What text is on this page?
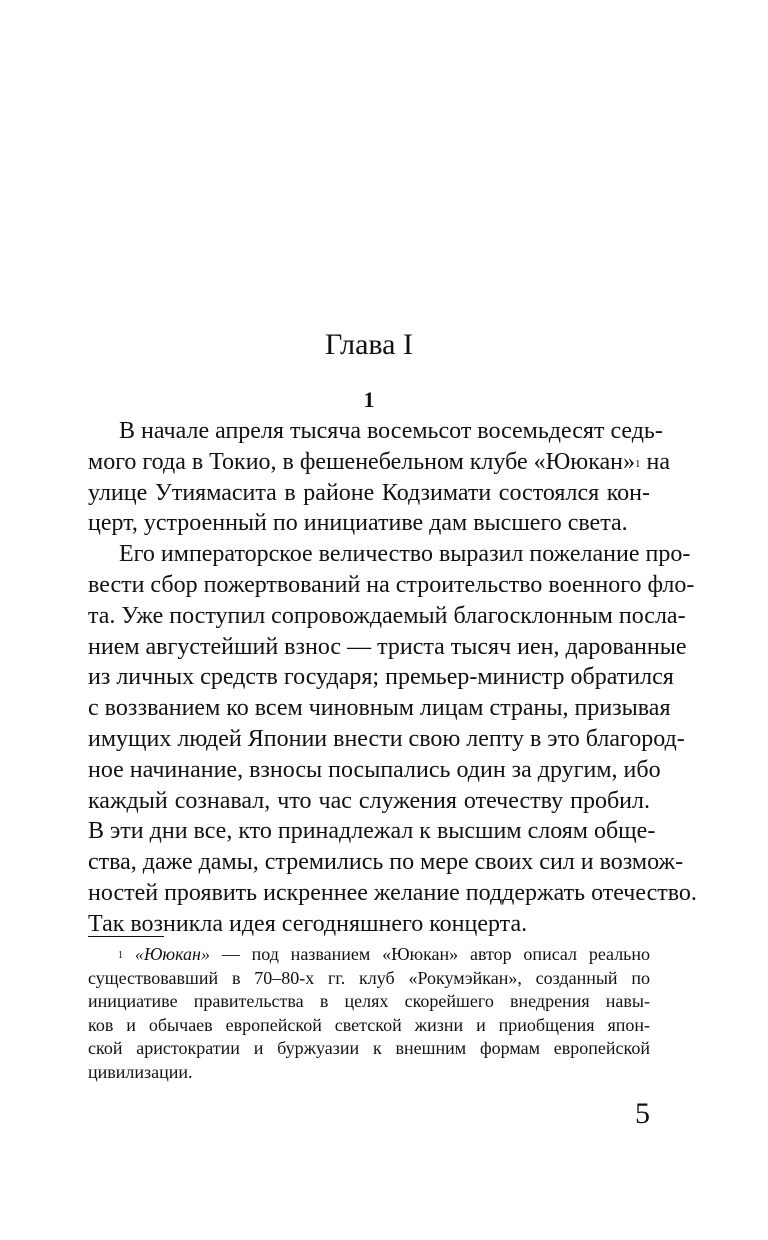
Глава I
1
В начале апреля тысяча восемьсот восемьдесят седь-
мого года в Токио, в фешенебельном клубе «Ююкан»$^1$ на
улице Утиямасита в районе Кодзимати состоялся кон-
церт, устроенный по инициативе дам высшего света.
Его императорское величество выразил пожелание про-
вести сбор пожертвований на строительство военного фло-
та. Уже поступил сопровождаемый благосклонным посла-
нием августейший взнос — триста тысяч иен, дарованные
из личных средств государя; премьер-министр обратился
с воззванием ко всем чиновным лицам страны, призывая
имущих людей Японии внести свою лепту в это благород-
ное начинание, взносы посыпались один за другим, ибо
каждый сознавал, что час служения отечеству пробил.
В эти дни все, кто принадлежал к высшим слоям обще-
ства, даже дамы, стремились по мере своих сил и возмож-
ностей проявить искреннее желание поддержать отечество.
Так возникла идея сегодняшнего концерта.
$^1$ «Ююкан» — под названием «Ююкан» автор описал реально
существовавший в 70–80-х гг. клуб «Рокумэйкан», созданный по
инициативе правительства в целях скорейшего внедрения навы-
ков и обычаев европейской светской жизни и приобщения япон-
ской аристократии и буржуазии к внешним формам европейской
цивилизации.
5
